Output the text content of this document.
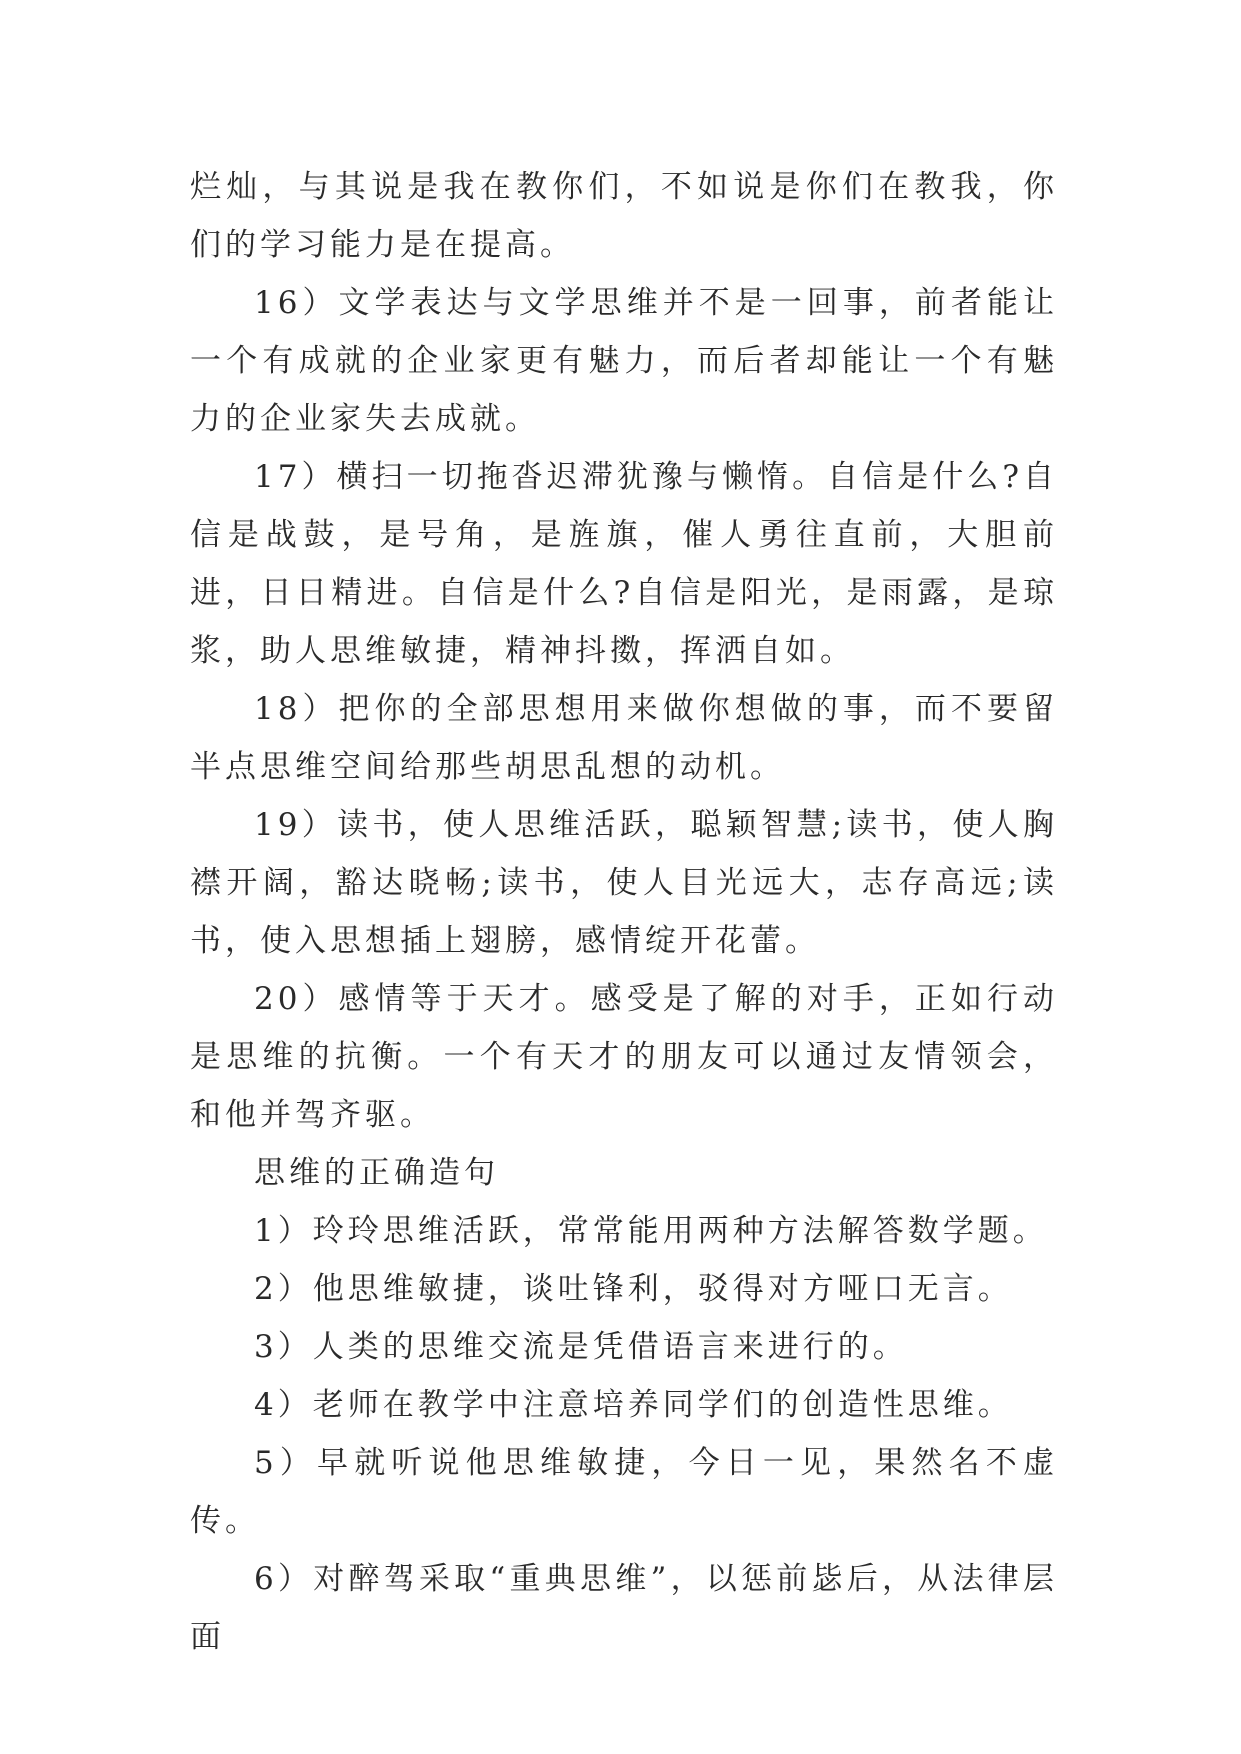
烂灿，与其说是我在教你们，不如说是你们在教我，你们的学习能力是在提高。

16）文学表达与文学思维并不是一回事，前者能让一个有成就的企业家更有魅力，而后者却能让一个有魅力的企业家失去成就。

17）横扫一切拖沓迟滞犹豫与懒惰。自信是什么?自信是战鼓，是号角，是旌旗，催人勇往直前，大胆前进，日日精进。自信是什么?自信是阳光，是雨露，是琼浆，助人思维敏捷，精神抖擞，挥洒自如。

18）把你的全部思想用来做你想做的事，而不要留半点思维空间给那些胡思乱想的动机。

19）读书，使人思维活跃，聪颖智慧;读书，使人胸襟开阔，豁达晓畅;读书，使人目光远大，志存高远;读书，使入思想插上翅膀，感情绽开花蕾。

20）感情等于天才。感受是了解的对手，正如行动是思维的抗衡。一个有天才的朋友可以通过友情领会，和他并驾齐驱。

思维的正确造句

1）玲玲思维活跃，常常能用两种方法解答数学题。

2）他思维敏捷，谈吐锋利，驳得对方哑口无言。

3）人类的思维交流是凭借语言来进行的。

4）老师在教学中注意培养同学们的创造性思维。

5）早就听说他思维敏捷，今日一见，果然名不虚传。

6）对醉驾采取“重典思维”，以惩前毖后，从法律层面
